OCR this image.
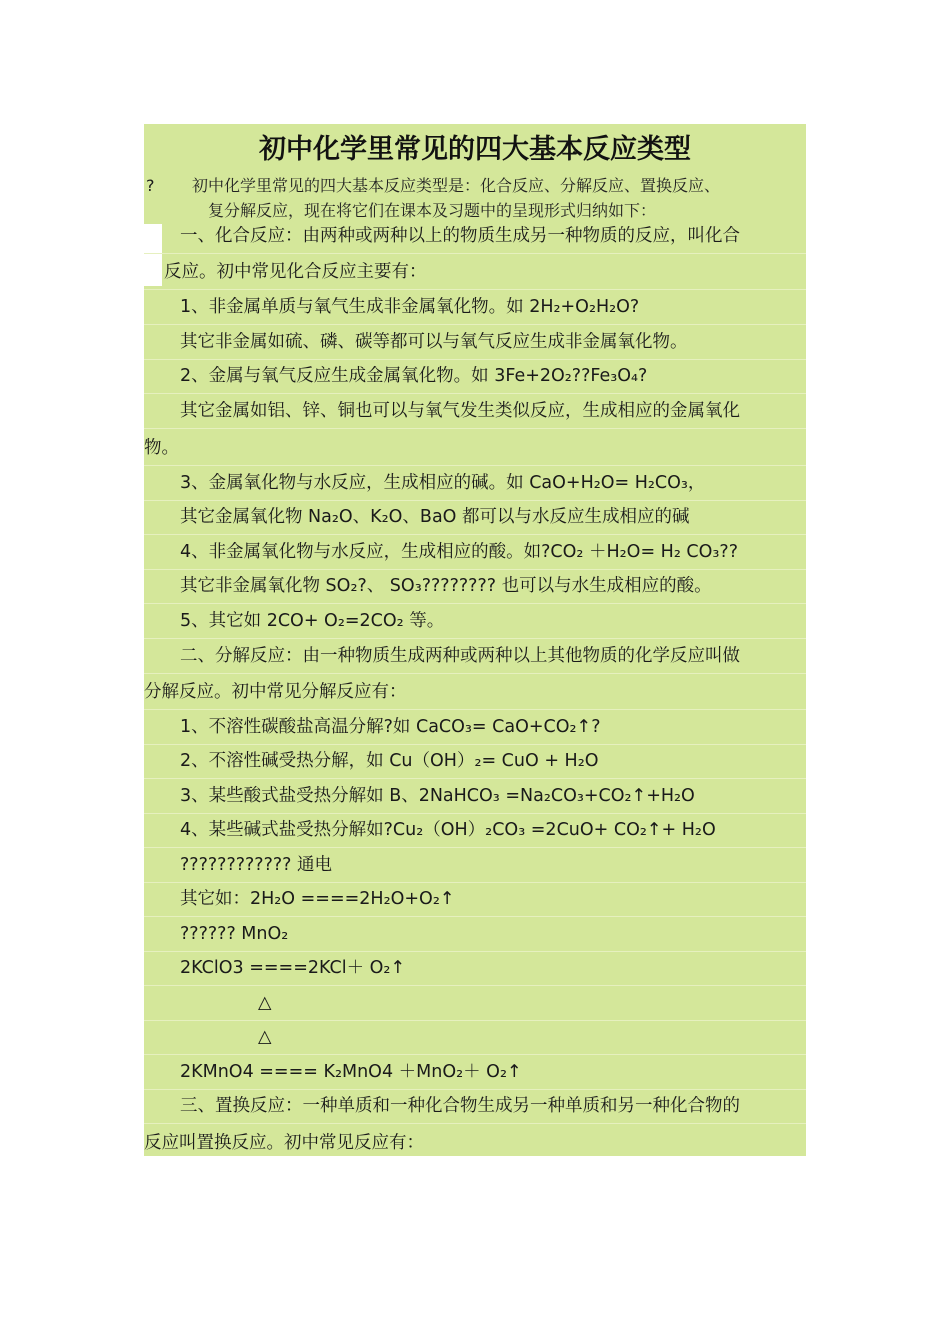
初中化学里常见的四大基本反应类型
? 初中化学里常见的四大基本反应类型是：化合反应、分解反应、置换反应、
复分解反应，现在将它们在课本及习题中的呈现形式归纳如下：
一、化合反应：由两种或两种以上的物质生成另一种物质的反应，叫化合
反应。初中常见化合反应主要有：
1、非金属单质与氧气生成非金属氧化物。如 2H₂+O₂H₂O?
其它非金属如硫、磷、碳等都可以与氧气反应生成非金属氧化物。
2、金属与氧气反应生成金属氧化物。如 3Fe+2O₂??Fe₃O₄?
其它金属如铝、锌、铜也可以与氧气发生类似反应，生成相应的金属氧化
物。
3、金属氧化物与水反应，生成相应的碱。如 CaO+H₂O= H₂CO₃，
其它金属氧化物 Na₂O、K₂O、BaO 都可以与水反应生成相应的碱
4、非金属氧化物与水反应，生成相应的酸。如?CO₂ ＋H₂O= H₂ CO₃??
其它非金属氧化物 SO₂?、 SO₃???????? 也可以与水生成相应的酸。
5、其它如 2CO+ O₂=2CO₂ 等。
二、分解反应：由一种物质生成两种或两种以上其他物质的化学反应叫做
分解反应。初中常见分解反应有：
1、不溶性碳酸盐高温分解?如 CaCO₃= CaO+CO₂↑?
2、不溶性碱受热分解，如 Cu（OH）₂= CuO + H₂O
3、某些酸式盐受热分解如 B、2NaHCO₃ =Na₂CO₃+CO₂↑+H₂O
4、某些碱式盐受热分解如?Cu₂（OH）₂CO₃ =2CuO+ CO₂↑+ H₂O
???????????? 通电
其它如：2H₂O ====2H₂O+O₂↑
?????? MnO₂
2KClO3 ====2KCl＋ O₂↑
△
△
2KMnO4 ==== K₂MnO4 ＋MnO₂＋ O₂↑
三、置换反应：一种单质和一种化合物生成另一种单质和另一种化合物的
反应叫置换反应。初中常见反应有：
